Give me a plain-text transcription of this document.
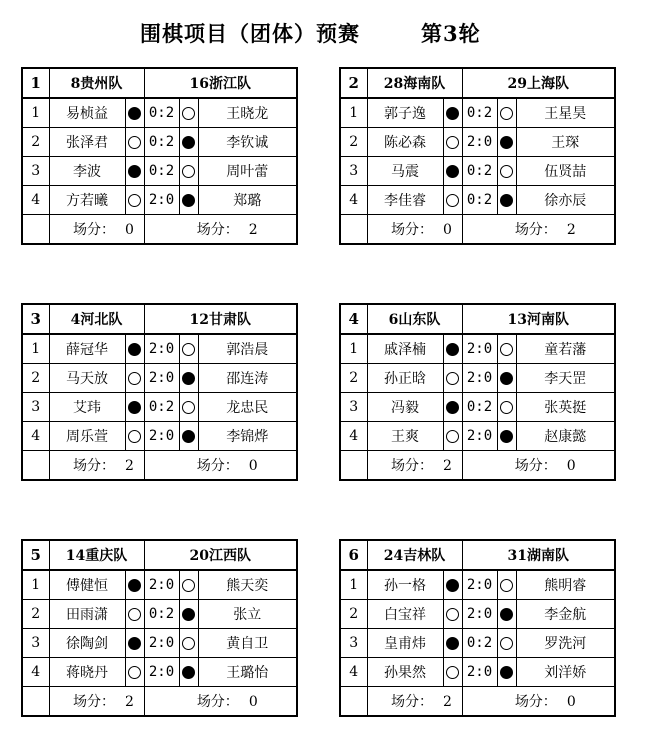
围棋项目（团体）预赛	第3轮
1	8贵州队		16浙江队		
1	易桢益		0:2		王晓龙
2	张泽君		0:2		李钦诚
3	李波		0:2		周叶蕾
4	方若曦		2:0		郑璐
	场分： 0		场分： 2		
2	28海南队		29上海队		
1	郭子逸		0:2		王星昊
2	陈必森		2:0		王琛
3	马震		0:2		伍贤喆
4	李佳睿		0:2		徐亦辰
	场分： 0		场分： 2		
3	4河北队		12甘肃队		
1	薛冠华		2:0		郭浩晨
2	马天放		2:0		邵连涛
3	艾玮		0:2		龙忠民
4	周乐萱		2:0		李锦烨
	场分： 2		场分： 0		
4	6山东队		13河南队		
1	戚泽楠		2:0		童若藩
2	孙正晗		2:0		李天罡
3	冯毅		0:2		张英挺
4	王爽		2:0		赵康懿
	场分： 2		场分： 0		
5	14重庆队		20江西队		
1	傅健恒		2:0		熊天奕
2	田雨潇		0:2		张立
3	徐陶剑		2:0		黄自卫
4	蒋晓丹		2:0		王璐怡
	场分： 2		场分： 0		
6	24吉林队		31湖南队		
1	孙一格		2:0		熊明睿
2	白宝祥		2:0		李金航
3	皇甫炜		0:2		罗洗河
4	孙果然		2:0		刘洋娇
	场分： 2		场分： 0		
